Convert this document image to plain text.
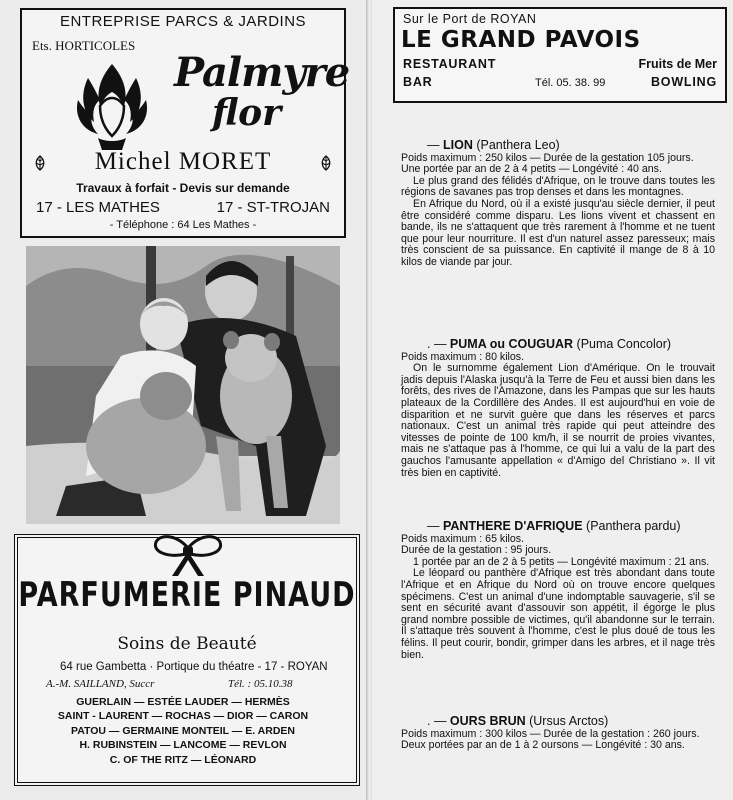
ENTREPRISE PARCS & JARDINS
Ets. HORTICOLES
Palmyre
flor
Michel MORET
Travaux à forfait - Devis sur demande
17 - LES MATHES	17 - ST-TROJAN
- Téléphone : 64 Les Mathes -
PARFUMERIE PINAUD
Soins de Beauté
64 rue Gambetta · Portique du théatre - 17 - ROYAN
A.-M. SAILLAND, Succr	Tél. : 05.10.38
GUERLAIN — ESTÉE LAUDER — HERMÈS
SAINT - LAURENT — ROCHAS — DIOR — CARON
PATOU — GERMAINE MONTEIL — E. ARDEN
H. RUBINSTEIN — LANCOME — REVLON
C. OF THE RITZ — LÉONARD
Sur le Port de ROYAN
LE GRAND PAVOIS
RESTAURANT	Fruits de Mer
BAR	Tél. 05. 38. 99	BOWLING
— LION (Panthera Leo)

Poids maximum : 250 kilos — Durée de la gestation 105 jours.

Une portée par an de 2 à 4 petits — Longévité : 40 ans.

Le plus grand des félidés d'Afrique, on le trouve dans toutes les régions de savanes pas trop denses et dans les montagnes.

En Afrique du Nord, où il a existé jusqu'au siècle dernier, il peut être considéré comme disparu. Les lions vivent et chassent en bande, ils ne s'attaquent que très rarement à l'homme et ne tuent que pour leur nourriture. Il est d'un naturel assez paresseux; mais très conscient de sa puissance. En captivité il mange de 8 à 10 kilos de viande par jour.

. — PUMA ou COUGUAR (Puma Concolor)

Poids maximum : 80 kilos.

On le surnomme également Lion d'Amérique. On le trouvait jadis depuis l'Alaska jusqu'à la Terre de Feu et aussi bien dans les forêts, des rives de l'Amazone, dans les Pampas que sur les hauts plateaux de la Cordillère des Andes. Il est aujourd'hui en voie de disparition et ne survit guère que dans les réserves et parcs nationaux. C'est un animal très rapide qui peut atteindre des vitesses de pointe de 100 km/h, il se nourrit de proies vivantes, mais ne s'attaque pas à l'homme, ce qui lui a valu de la part des gauchos l'amusante appellation « d'Amigo del Christiano ». Il vit très bien en captivité.

— PANTHERE D'AFRIQUE (Panthera pardu)

Poids maximum : 65 kilos.

Durée de la gestation : 95 jours.

1 portée par an de 2 à 5 petits — Longévité maximum : 21 ans.

Le léopard ou panthère d'Afrique est très abondant dans toute l'Afrique et en Afrique du Nord où on trouve encore quelques spécimens. C'est un animal d'une indomptable sauvagerie, s'il se sent en sécurité avant d'assouvir son appétit, il égorge le plus grand nombre possible de victimes, qu'il abandonne sur le terrain. Il s'attaque très souvent à l'homme, c'est le plus doué de tous les félins. Il peut courir, bondir, grimper dans les arbres, et il nage très bien.

. — OURS BRUN (Ursus Arctos)

Poids maximum : 300 kilos — Durée de la gestation : 260 jours.

Deux portées par an de 1 à 2 oursons — Longévité : 30 ans.
